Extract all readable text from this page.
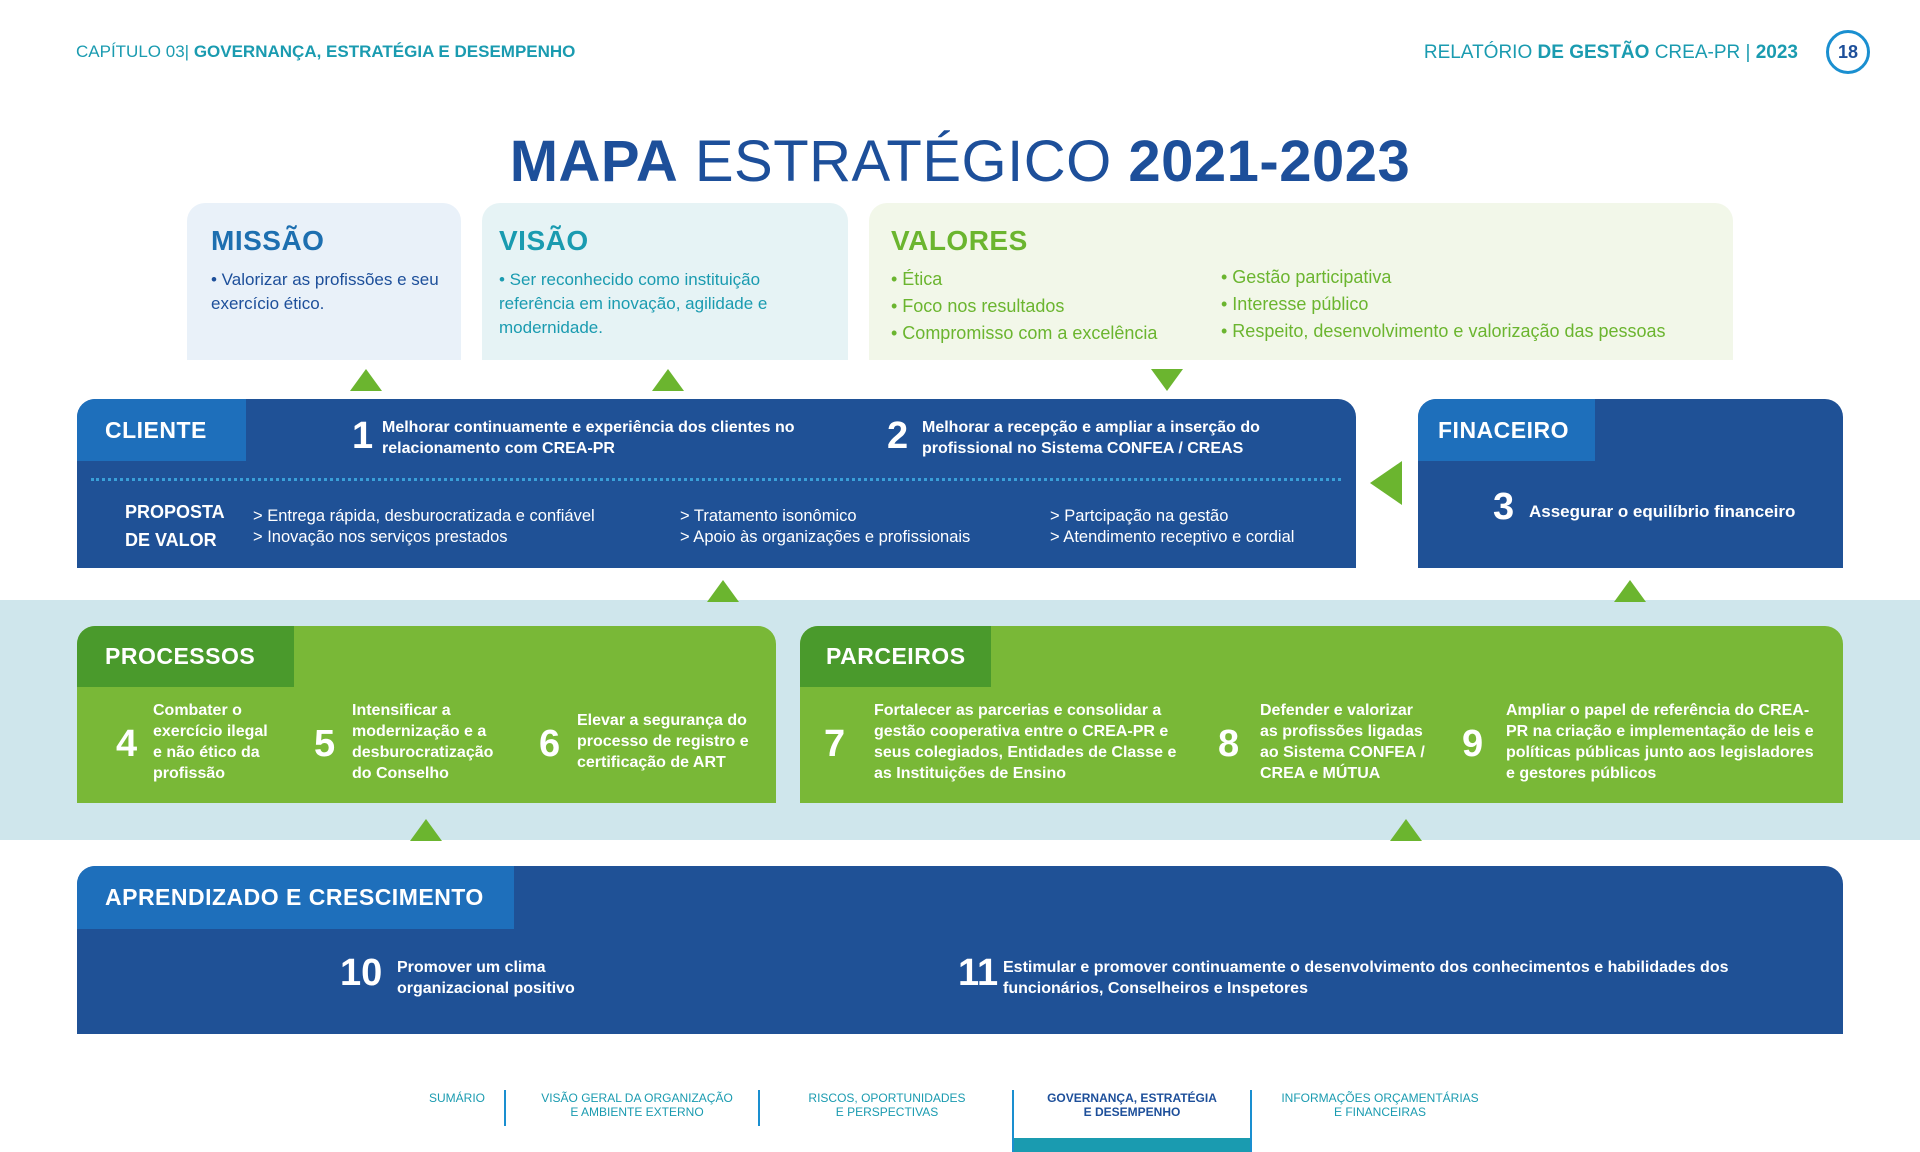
CAPÍTULO 03| GOVERNANÇA, ESTRATÉGIA E DESEMPENHO	RELATÓRIO DE GESTÃO CREA-PR | 2023	18
MAPA ESTRATÉGICO 2021-2023
MISSÃO

• Valorizar as profissões e seu exercício ético.

VISÃO

• Ser reconhecido como instituição referência em inovação, agilidade e modernidade.

VALORES
• Ética
• Foco nos resultados
• Compromisso com a excelência
• Gestão participativa
• Interesse público
• Respeito, desenvolvimento e valorização das pessoas
CLIENTE	1 Melhorar continuamente e experiência dos clientes no relacionamento com CREA-PR	2 Melhorar a recepção e ampliar a inserção do profissional no Sistema CONFEA / CREAS
PROPOSTA
DE VALOR
> Entrega rápida, desburocratizada e confiável
> Inovação nos serviços prestados
> Tratamento isonômico
> Apoio às organizações e profissionais
> Partcipação na gestão
> Atendimento receptivo e cordial
FINACEIRO
3 Assegurar o equilíbrio financeiro
PROCESSOS
4
Combater o exercício ilegal e não ético da profissão
5
Intensificar a modernização e a desburocratização do Conselho
6
Elevar a segurança do processo de registro e certificação de ART
PARCEIROS
7
Fortalecer as parcerias e consolidar a gestão cooperativa entre o CREA-PR e seus colegiados, Entidades de Classe e as Instituições de Ensino
8
Defender e valorizar as profissões ligadas ao Sistema CONFEA / CREA e MÚTUA
9
Ampliar o papel de referência do CREA-PR na criação e implementação de leis e políticas públicas junto aos legisladores e gestores públicos
APRENDIZADO E CRESCIMENTO
10 Promover um clima organizacional positivo	11 Estimular e promover continuamente o desenvolvimento dos conhecimentos e habilidades dos funcionários, Conselheiros e Inspetores
SUMÁRIO	VISÃO GERAL DA ORGANIZAÇÃO
E AMBIENTE EXTERNO
RISCOS, OPORTUNIDADES
E PERSPECTIVAS
GOVERNANÇA, ESTRATÉGIA
E DESEMPENHO
INFORMAÇÕES ORÇAMENTÁRIAS
E FINANCEIRAS
